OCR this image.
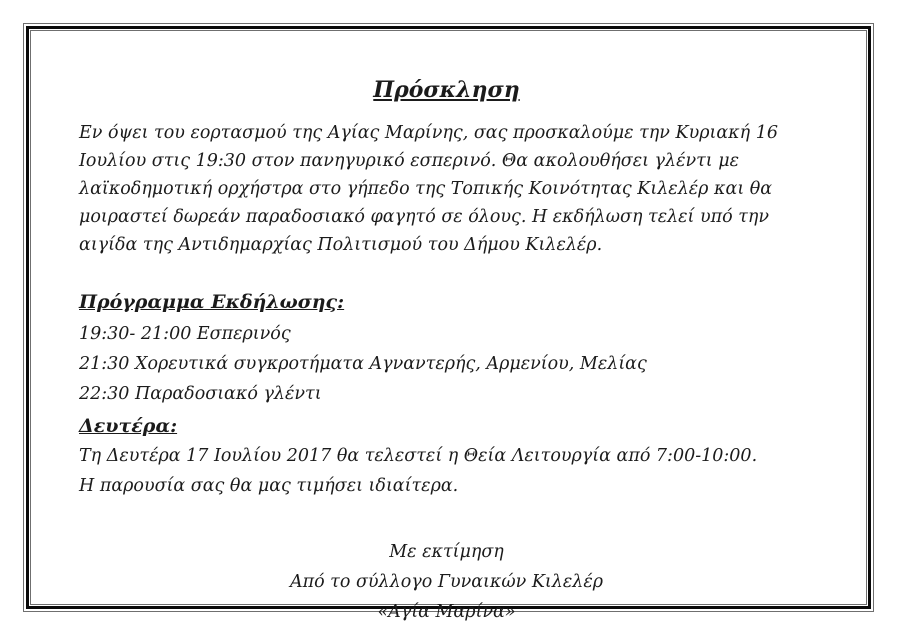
Πρόσκληση

Εν όψει του εορτασμού της Αγίας Μαρίνης, σας προσκαλούμε την Κυριακή 16 Ιουλίου στις 19:30 στον πανηγυρικό εσπερινό. Θα ακολουθήσει γλέντι με λαϊκοδημοτική ορχήστρα στο γήπεδο της Τοπικής Κοινότητας Κιλελέρ και θα μοιραστεί δωρεάν παραδοσιακό φαγητό σε όλους. Η εκδήλωση τελεί υπό την αιγίδα της Αντιδημαρχίας Πολιτισμού του Δήμου Κιλελέρ.

Πρόγραμμα Εκδήλωσης:

19:30- 21:00 Εσπερινός

21:30 Χορευτικά συγκροτήματα Αγναντερής, Αρμενίου, Μελίας

22:30 Παραδοσιακό γλέντι

Δευτέρα:

Τη Δευτέρα 17 Ιουλίου 2017 θα τελεστεί η Θεία Λειτουργία από 7:00-10:00.

Η παρουσία σας θα μας τιμήσει ιδιαίτερα.

Με εκτίμηση

Από το σύλλογο Γυναικών Κιλελέρ

«Αγία Μαρίνα»
